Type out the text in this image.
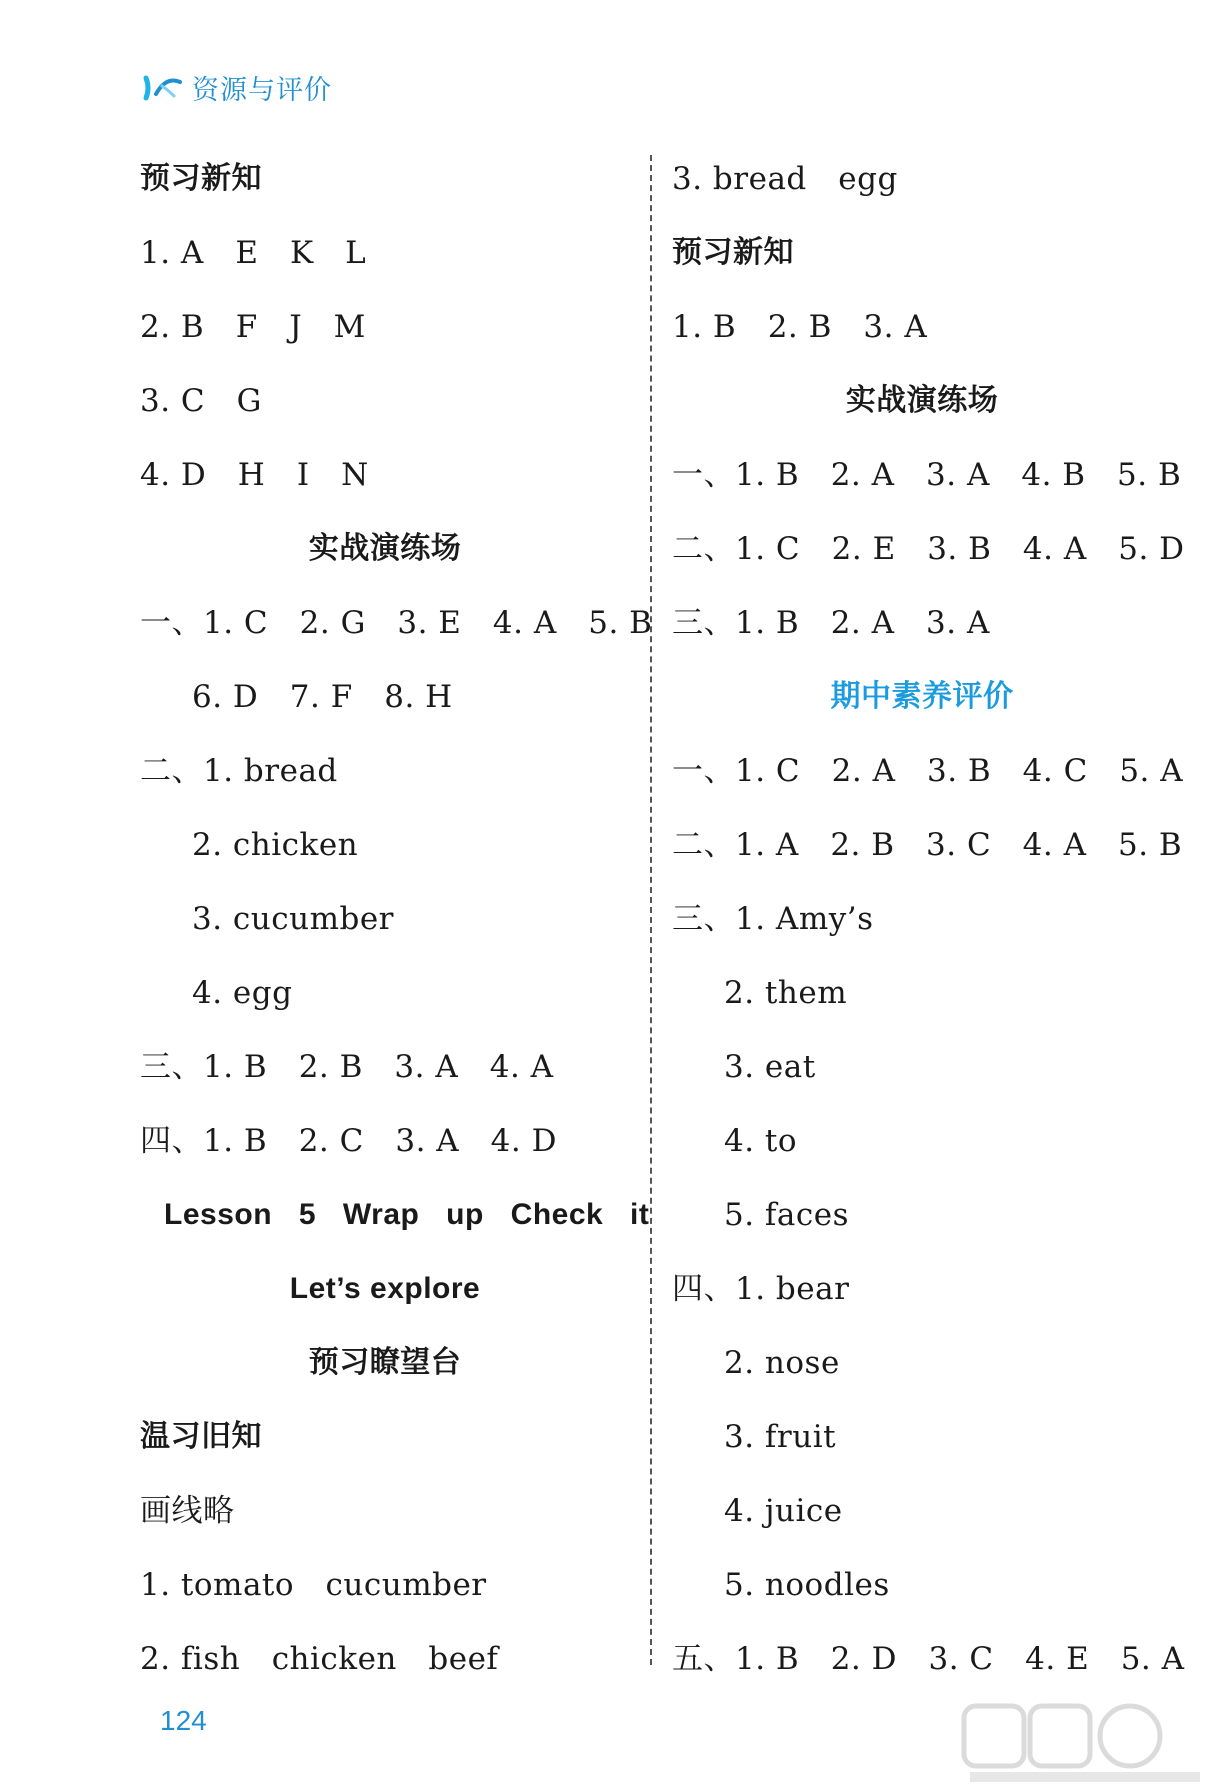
资源与评价
预习新知
1. A　E　K　L
2. B　F　J　M
3. C　G
4. D　H　I　N
实战演练场
一、1. C　2. G　3. E　4. A　5. B
6. D　7. F　8. H
二、1. bread
2. chicken
3. cucumber
4. egg
三、1. B　2. B　3. A　4. A
四、1. B　2. C　3. A　4. D
Lesson 5 Wrap up Check it
Let’s explore
预习瞭望台
温习旧知
画线略
1. tomato　cucumber
2. fish　chicken　beef
3. bread　egg
预习新知
1. B　2. B　3. A
实战演练场
一、1. B　2. A　3. A　4. B　5. B
二、1. C　2. E　3. B　4. A　5. D
三、1. B　2. A　3. A
期中素养评价
一、1. C　2. A　3. B　4. C　5. A
二、1. A　2. B　3. C　4. A　5. B
三、1. Amy’s
2. them
3. eat
4. to
5. faces
四、1. bear
2. nose
3. fruit
4. juice
5. noodles
五、1. B　2. D　3. C　4. E　5. A
124
